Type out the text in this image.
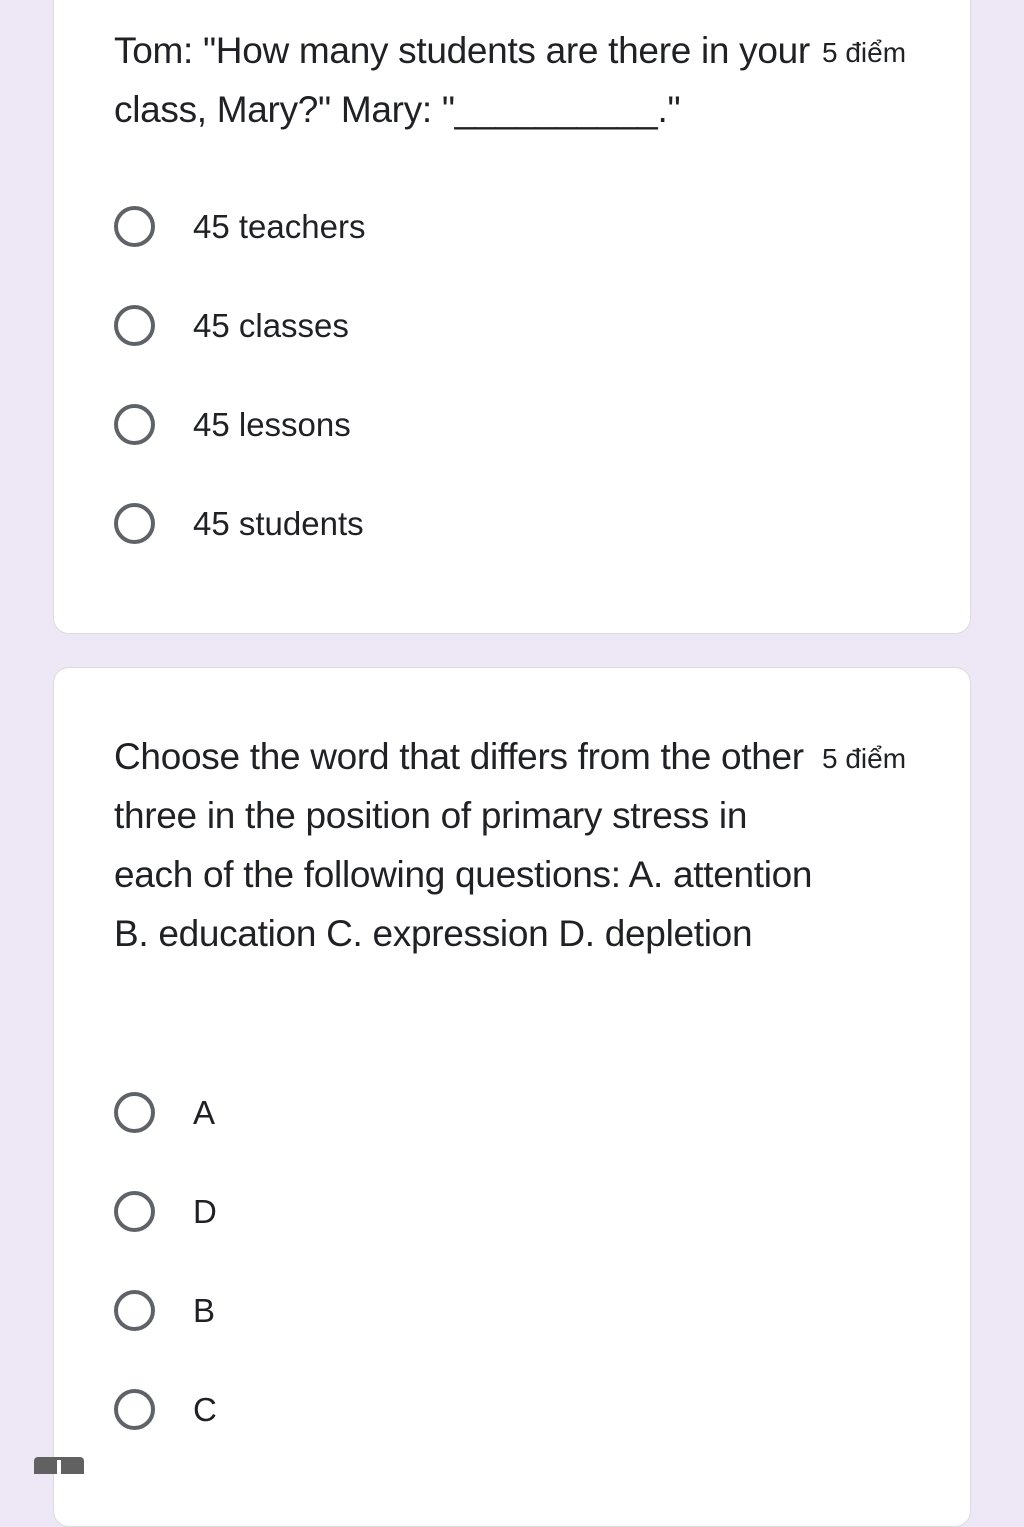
Tom: "How many students are there in your class, Mary?" Mary: "__________."
5 điểm
45 teachers
45 classes
45 lessons
45 students
Choose the word that differs from the other three in the position of primary stress in each of the following questions: A. attention B. education C. expression D. depletion
5 điểm
A
D
B
C
